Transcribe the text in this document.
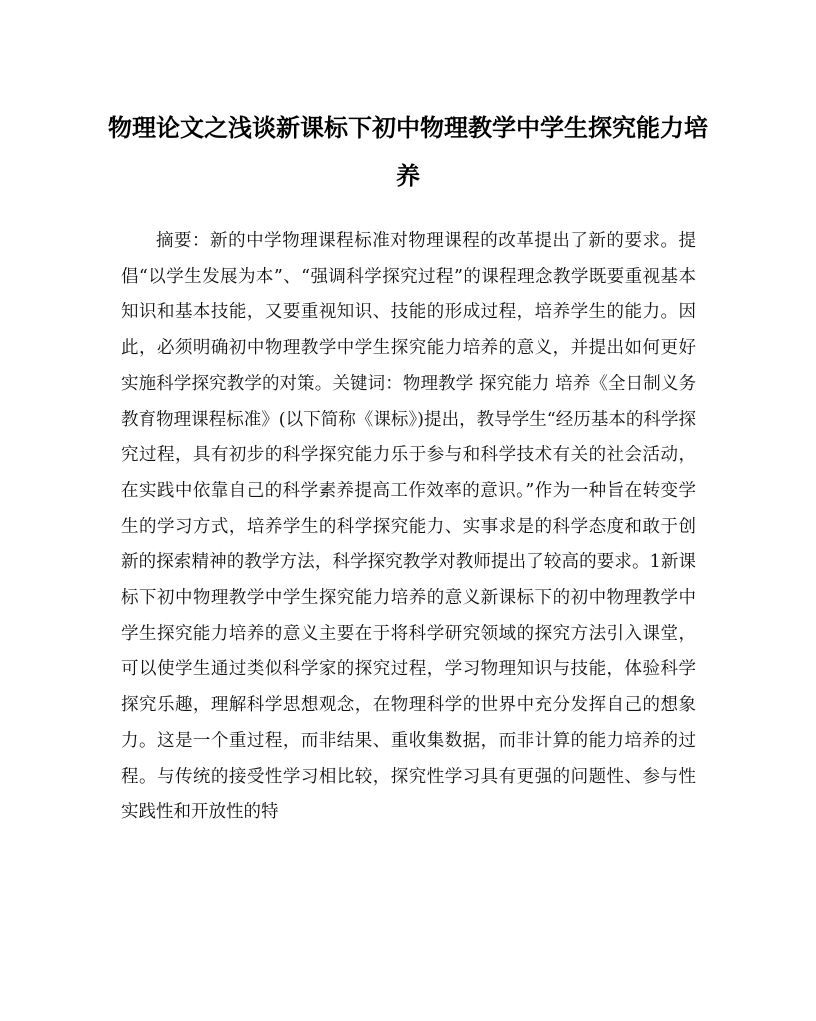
物理论文之浅谈新课标下初中物理教学中学生探究能力培养

摘要：新的中学物理课程标准对物理课程的改革提出了新的要求。提倡“以学生发展为本”、“强调科学探究过程”的课程理念教学既要重视基本知识和基本技能，又要重视知识、技能的形成过程，培养学生的能力。因此，必须明确初中物理教学中学生探究能力培养的意义，并提出如何更好实施科学探究教学的对策。关键词：物理教学 探究能力 培养《全日制义务教育物理课程标准》(以下简称《课标》)提出，教导学生“经历基本的科学探究过程，具有初步的科学探究能力乐于参与和科学技术有关的社会活动，在实践中依靠自己的科学素养提高工作效率的意识。”作为一种旨在转变学生的学习方式，培养学生的科学探究能力、实事求是的科学态度和敢于创新的探索精神的教学方法，科学探究教学对教师提出了较高的要求。1新课标下初中物理教学中学生探究能力培养的意义新课标下的初中物理教学中学生探究能力培养的意义主要在于将科学研究领域的探究方法引入课堂，可以使学生通过类似科学家的探究过程，学习物理知识与技能，体验科学探究乐趣，理解科学思想观念，在物理科学的世界中充分发挥自己的想象力。这是一个重过程，而非结果、重收集数据，而非计算的能力培养的过程。与传统的接受性学习相比较，探究性学习具有更强的问题性、参与性实践性和开放性的特
